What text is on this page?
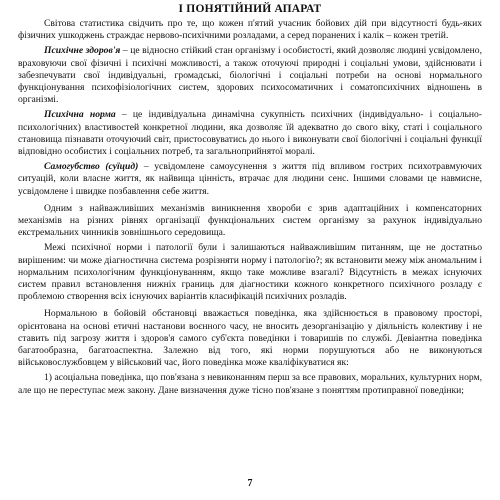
І ПОНЯТІЙНИЙ АПАРАТ

Світова статистика свідчить про те, що кожен п'ятий учасник бойових дій при відсутності будь-яких фізичних ушкоджень страждає нервово-психічними розладами, а серед поранених і калік – кожен третій.

Психічне здоров'я – це відносно стійкий стан організму і особистості, який дозволяє людині усвідомлено, враховуючи свої фізичні і психічні можливості, а також оточуючі природні і соціальні умови, здійснювати і забезпечувати свої індивідуальні, громадські, біологічні і соціальні потреби на основі нормального функціонування психофізіологічних систем, здорових психосоматичних і соматопсихічних відношень в організмі.

Психічна норма – це індивідуальна динамічна сукупність психічних (індивідуально- і соціально-психологічних) властивостей конкретної людини, яка дозволяє їй адекватно до свого віку, статі і соціального становища пізнавати оточуючий світ, пристосовуватись до нього і виконувати свої біологічні і соціальні функції відповідно особистих і соціальних потреб, та загальноприйнятої моралі.

Самогубство (суїцид) – усвідомлене самоусунення з життя під впливом гострих психотравмуючих ситуацій, коли власне життя, як найвища цінність, втрачає для людини сенс. Іншими словами це навмисне, усвідомлене і швидке позбавлення себе життя.

Одним з найважливіших механізмів виникнення хвороби є зрив адаптаційних і компенсаторних механізмів на різних рівнях організації функціональних систем організму за рахунок індивідуально екстремальних чинників зовнішнього середовища.

Межі психічної норми і патології були і залишаються найважливішим питанням, ще не достатньо вирішеним: чи може діагностична система розрізняти норму і патологію?; як встановити межу між аномальним і нормальним психологічним функціонуванням, якщо таке можливе взагалі? Відсутність в межах існуючих систем правил встановлення нижніх границь для діагностики кожного конкретного психічного розладу є проблемою створення всіх існуючих варіантів класифікацій психічних розладів.

Нормальною в бойовій обстановці вважається поведінка, яка здійснюється в правовому просторі, орієнтована на основі етичні настанови воєнного часу, не вносить дезорганізацію у діяльність колективу і не ставить під загрозу життя і здоров'я самого суб'єкта поведінки і товаришів по службі. Девіантна поведінка багатообразна, багатоаспектна. Залежно від того, які норми порушуються або не виконуються військовослужбовцем у військовий час, його поведінка може кваліфікуватися як:

1) асоціальна поведінка, що пов'язана з невиконанням перш за все правових, моральних, культурних норм, але що не переступає меж закону. Дане визначення дуже тісно пов'язане з поняттям протиправної поведінки;

7
